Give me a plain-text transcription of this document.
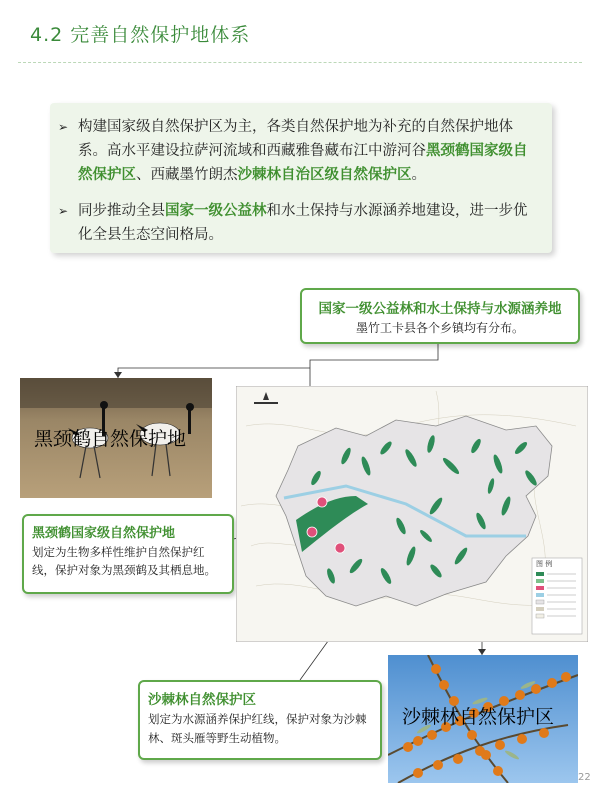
4.2 完善自然保护地体系
➢ 构建国家级自然保护区为主，各类自然保护地为补充的自然保护地体系。高水平建设拉萨河流域和西藏雅鲁藏布江中游河谷黑颈鹤国家级自然保护区、西藏墨竹朗杰沙棘林自治区级自然保护区。
➢ 同步推动全县国家一级公益林和水土保持与水源涵养地建设，进一步优化全县生态空间格局。
国家一级公益林和水土保持与水源涵养地
墨竹工卡县各个乡镇均有分布。
黑颈鹤自然保护地
黑颈鹤国家级自然保护地
划定为生物多样性维护自然保护红线，保护对象为黑颈鹤及其栖息地。	图 例
沙棘林自然保护区
沙棘林自然保护区
划定为水源涵养保护红线，保护对象为沙棘林、斑头雁等野生动植物。
22
